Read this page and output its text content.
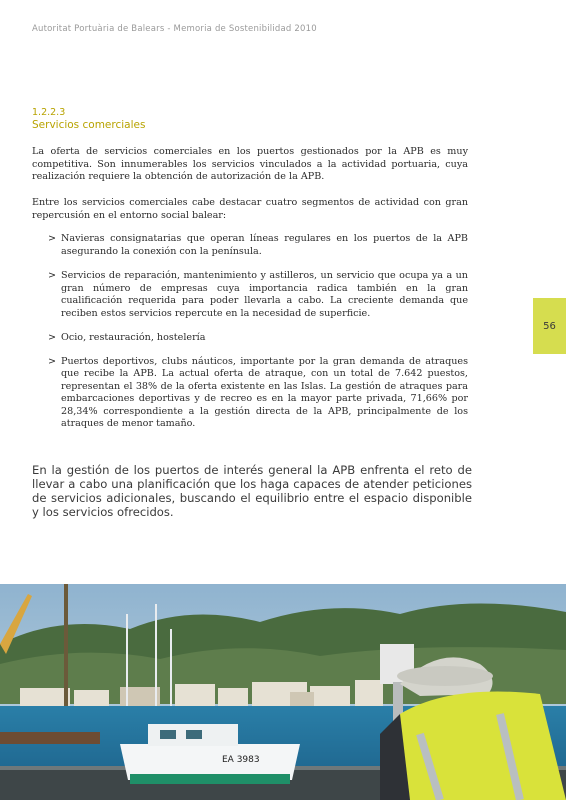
Autoritat Portuària de Balears - Memoria de Sostenibilidad 2010
1.2.2.3
Servicios comerciales

La oferta de servicios comerciales en los puertos gestionados por la APB es muy competitiva. Son innumerables los servicios vinculados a la actividad portuaria, cuya realización requiere la obtención de autorización de la APB.

Entre los servicios comerciales cabe destacar cuatro segmentos de actividad con gran repercusión en el entorno social balear:

> Navieras consignatarias que operan líneas regulares en los puertos de la APB asegurando la conexión con la península.
> Servicios de reparación, mantenimiento y astilleros, un servicio que ocupa ya a un gran número de empresas cuya importancia radica también en la gran cualificación requerida para poder llevarla a cabo. La creciente demanda que reciben estos servicios repercute en la necesidad de superficie.
> Ocio, restauración, hostelería
> Puertos deportivos, clubs náuticos, importante por la gran demanda de atraques que recibe la APB. La actual oferta de atraque, con un total de 7.642 puestos, representan el 38% de la oferta existente en las Islas. La gestión de atraques para embarcaciones deportivas y de recreo es en la mayor parte privada, 71,66% por 28,34% correspondiente a la gestión directa de la APB, principalmente de los atraques de menor tamaño.

En la gestión de los puertos de interés general la APB enfrenta el reto de llevar a cabo una planificación que los haga capaces de atender peticiones de servicios adicionales, buscando el equilibrio entre el espacio disponible y los servicios ofrecidos.

56
EA 3983
